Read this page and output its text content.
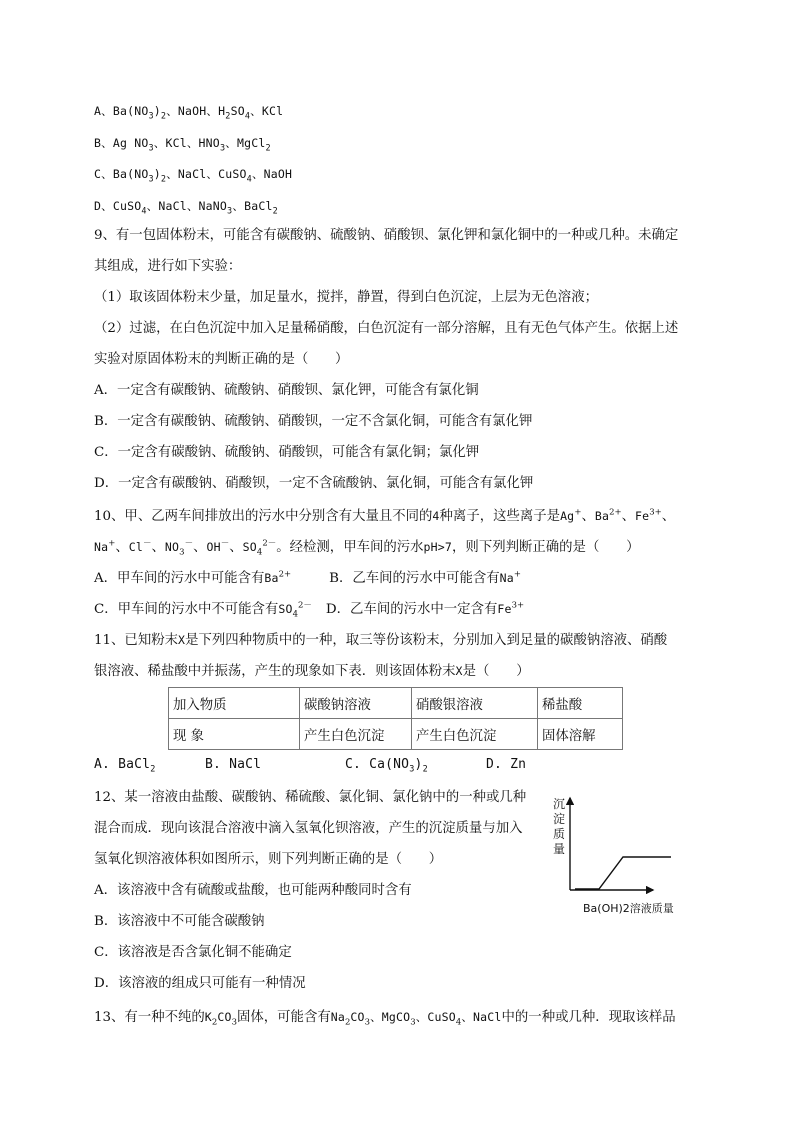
A、$Ba(NO_3)_2$、NaOH、$H_2SO_4$、KCl
B、Ag $NO_3$、KCl、$HNO_3$、MgCl$_2$
C、$Ba(NO_3)_2$、NaCl、CuSO$_4$、NaOH
D、CuSO$_4$、NaCl、NaNO$_3$、BaCl$_2$
9、有一包固体粉末，可能含有碳酸钠、硫酸钠、硝酸钡、氯化钾和氯化铜中的一种或几种。未确定
其组成，进行如下实验：
（1）取该固体粉末少量，加足量水，搅拌，静置，得到白色沉淀，上层为无色溶液；
（2）过滤，在白色沉淀中加入足量稀硝酸，白色沉淀有一部分溶解，且有无色气体产生。依据上述
实验对原固体粉末的判断正确的是（　　）
A．一定含有碳酸钠、硫酸钠、硝酸钡、氯化钾，可能含有氯化铜
B．一定含有碳酸钠、硫酸钠、硝酸钡，一定不含氯化铜，可能含有氯化钾
C．一定含有碳酸钠、硫酸钠、硝酸钡，可能含有氯化铜；氯化钾
D．一定含有碳酸钠、硝酸钡，一定不含硫酸钠、氯化铜，可能含有氯化钾
10、甲、乙两车间排放出的污水中分别含有大量且不同的4种离子，这些离子是Ag+、$Ba^{2+}$、$Fe^{3+}$、
Na+、Cl－、$NO_3^-$、OH－、$SO_4^{2-}$。经检测，甲车间的污水pH>7，则下列判断正确的是（　　）
A．甲车间的污水中可能含有$Ba^{2+}$	B．乙车间的污水中可能含有Na+
C．甲车间的污水中不可能含有$SO_4^{2-}$ D．乙车间的污水中一定含有$Fe^{3+}$
11、已知粉末X是下列四种物质中的一种，取三等份该粉末，分别加入到足量的碳酸钠溶液、硝酸
银溶液、稀盐酸中并振荡，产生的现象如下表．则该固体粉末X是（　　）
加入物质	碳酸钠溶液	硝酸银溶液	稀盐酸
现 象	产生白色沉淀	产生白色沉淀	固体溶解
A. BaCl$_2$	B. NaCl	C. $Ca(NO_3)_2$	D. Zn
12、某一溶液由盐酸、碳酸钠、稀硫酸、氯化铜、氯化钠中的一种或几种
混合而成．现向该混合溶液中滴入氢氧化钡溶液，产生的沉淀质量与加入
氢氧化钡溶液体积如图所示，则下列判断正确的是（　　）
A．该溶液中含有硫酸或盐酸，也可能两种酸同时含有
B．该溶液中不可能含碳酸钠
C．该溶液是否含氯化铜不能确定
D．该溶液的组成只可能有一种情况
沉淀质量
Ba(OH)2溶液质量
13、有一种不纯的$K_2CO_3$固体，可能含有$Na_2CO_3$、MgCO$_3$、CuSO$_4$、NaCl中的一种或几种．现取该样品
